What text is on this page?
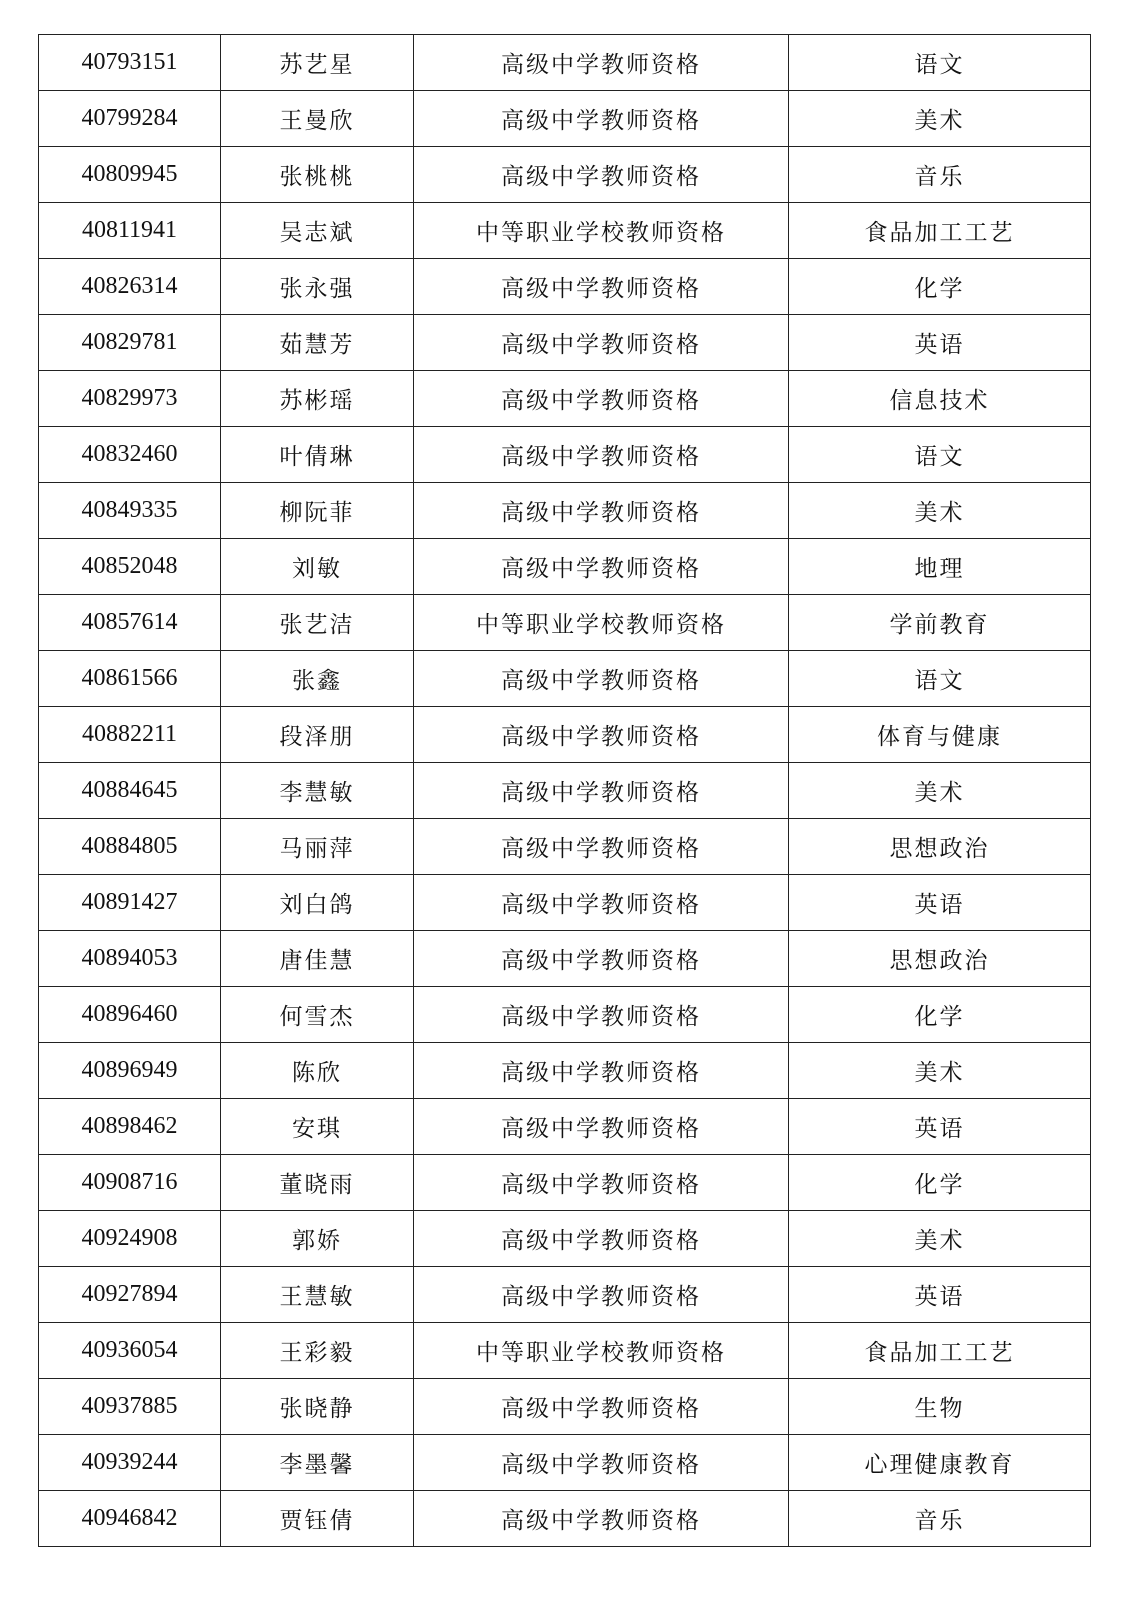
40793151	苏艺星	高级中学教师资格	语文
40799284	王曼欣	高级中学教师资格	美术
40809945	张桃桃	高级中学教师资格	音乐
40811941	吴志斌	中等职业学校教师资格	食品加工工艺
40826314	张永强	高级中学教师资格	化学
40829781	茹慧芳	高级中学教师资格	英语
40829973	苏彬瑶	高级中学教师资格	信息技术
40832460	叶倩琳	高级中学教师资格	语文
40849335	柳阮菲	高级中学教师资格	美术
40852048	刘敏	高级中学教师资格	地理
40857614	张艺洁	中等职业学校教师资格	学前教育
40861566	张鑫	高级中学教师资格	语文
40882211	段泽朋	高级中学教师资格	体育与健康
40884645	李慧敏	高级中学教师资格	美术
40884805	马丽萍	高级中学教师资格	思想政治
40891427	刘白鸽	高级中学教师资格	英语
40894053	唐佳慧	高级中学教师资格	思想政治
40896460	何雪杰	高级中学教师资格	化学
40896949	陈欣	高级中学教师资格	美术
40898462	安琪	高级中学教师资格	英语
40908716	董晓雨	高级中学教师资格	化学
40924908	郭娇	高级中学教师资格	美术
40927894	王慧敏	高级中学教师资格	英语
40936054	王彩毅	中等职业学校教师资格	食品加工工艺
40937885	张晓静	高级中学教师资格	生物
40939244	李墨馨	高级中学教师资格	心理健康教育
40946842	贾钰倩	高级中学教师资格	音乐
